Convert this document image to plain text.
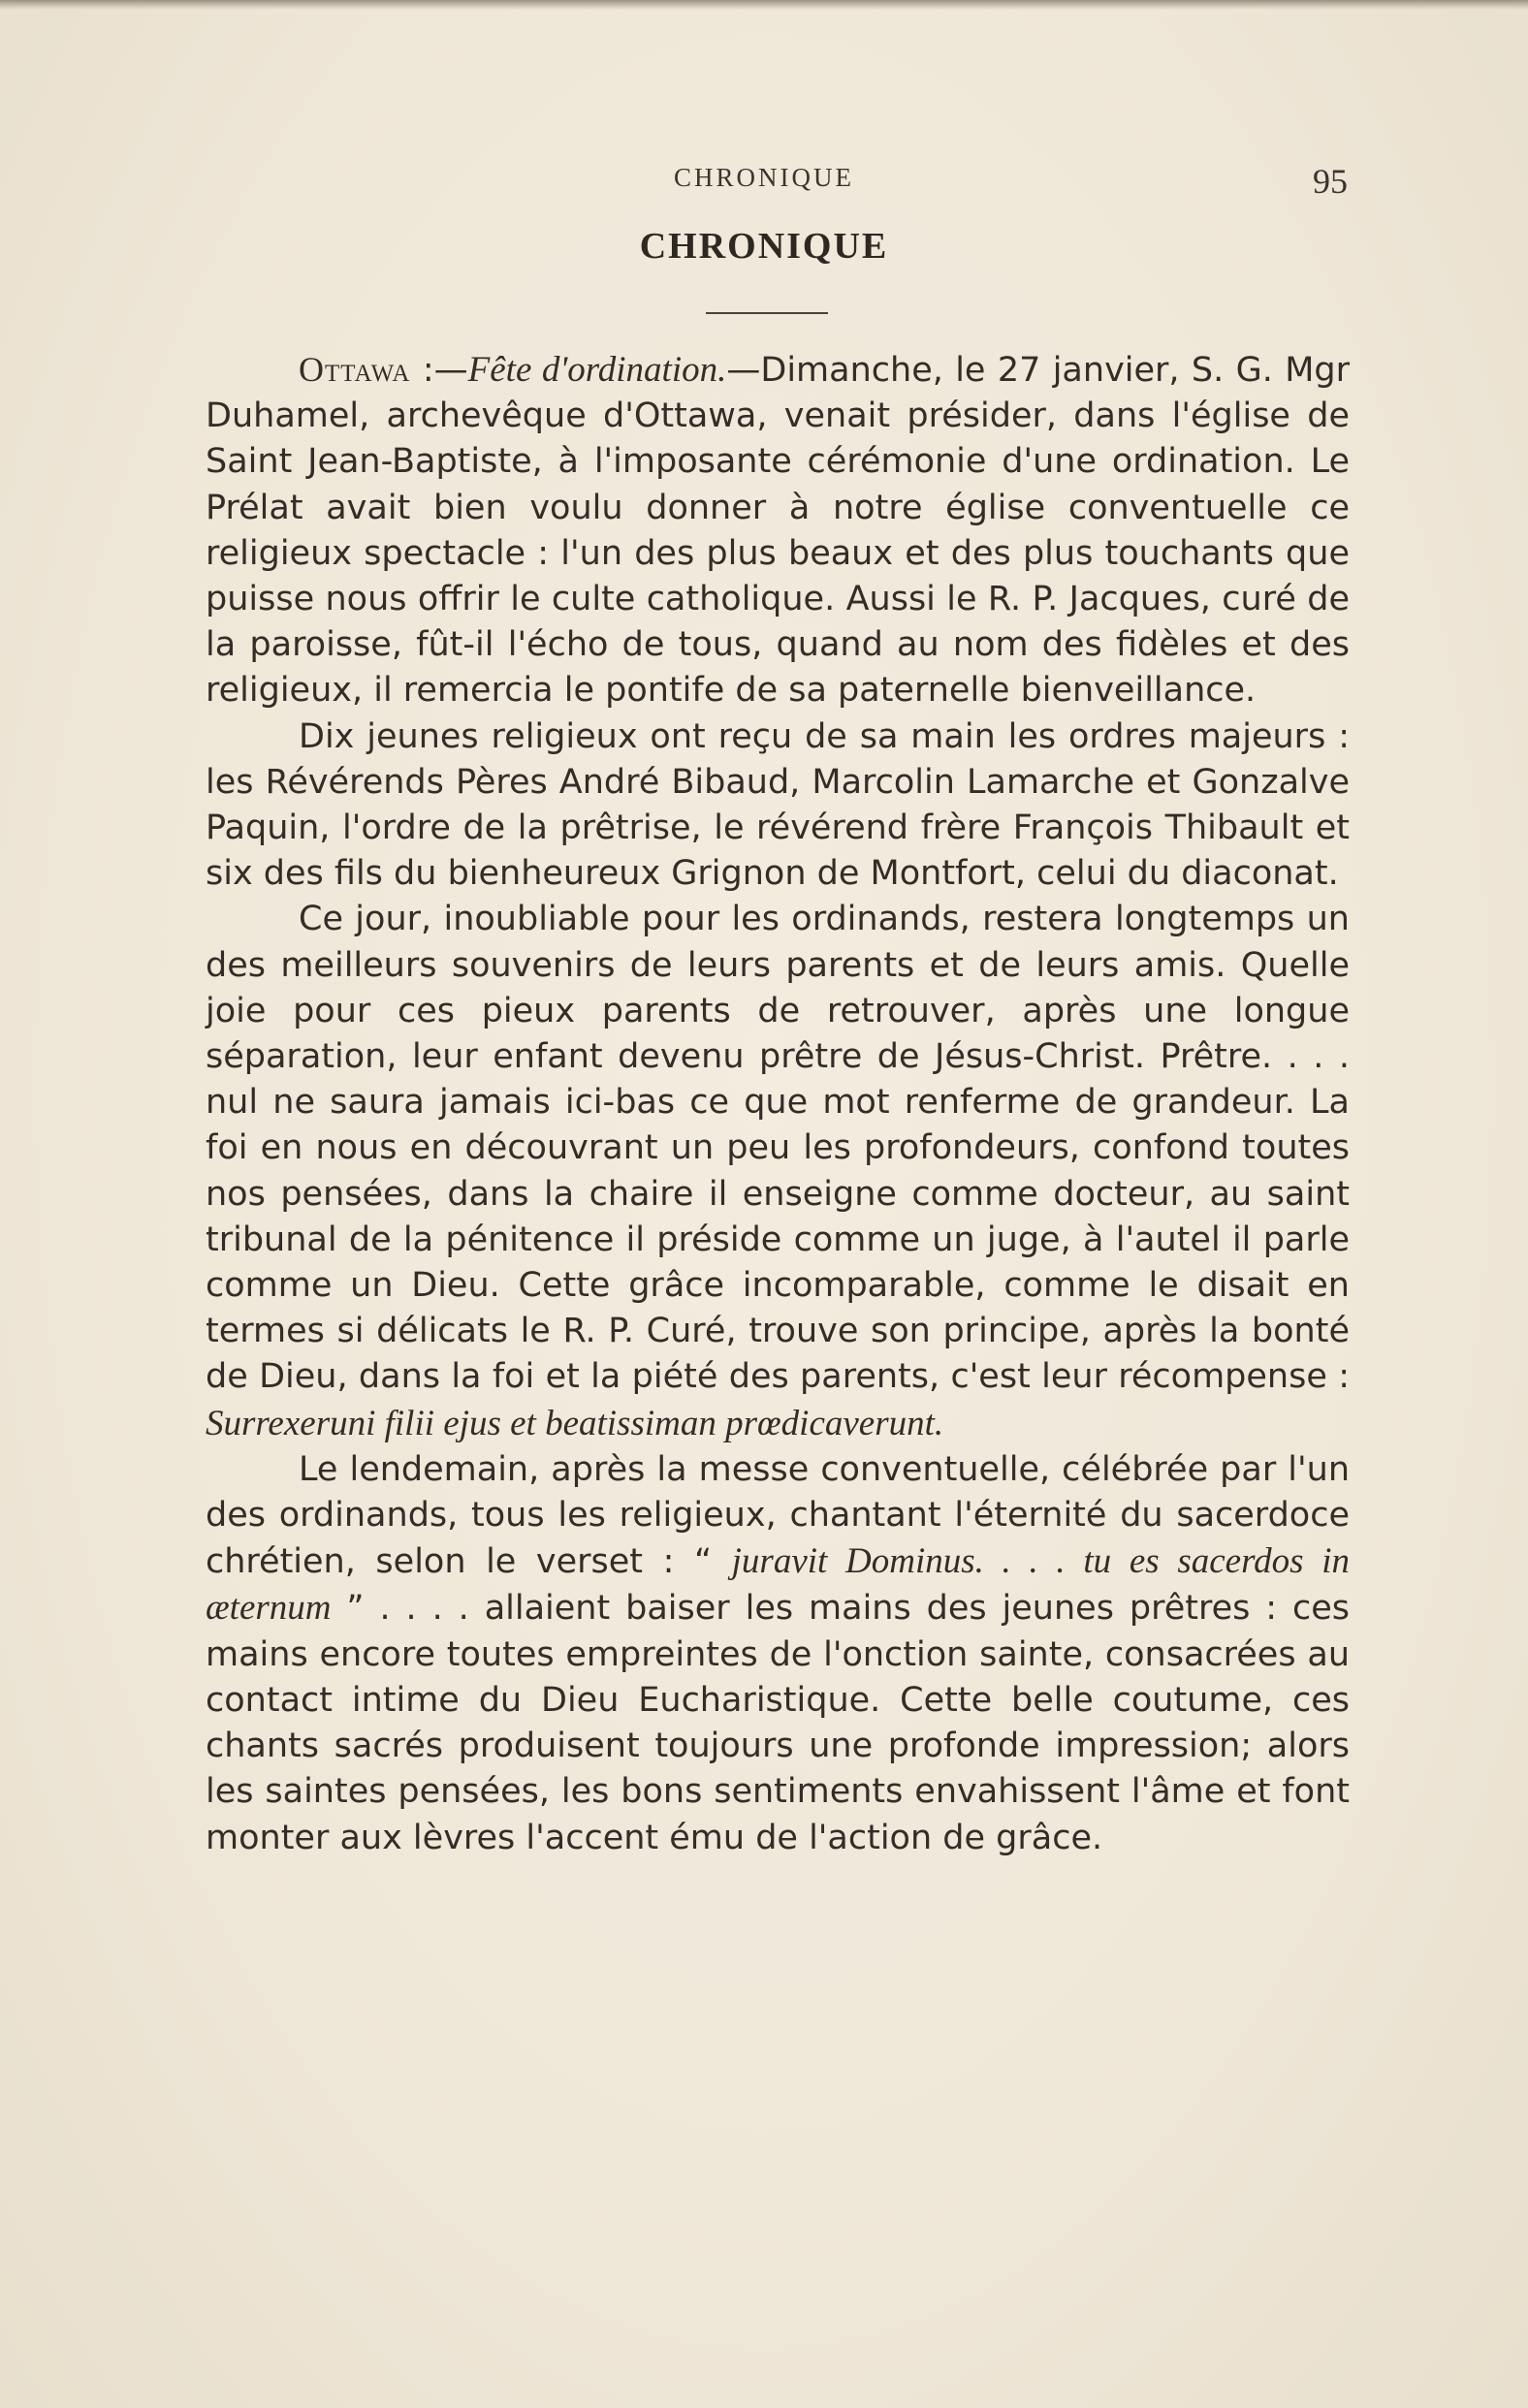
CHRONIQUE	95
CHRONIQUE

Ottawa :—Fête d'ordination.—Dimanche, le 27 janvier, S. G. Mgr Duhamel, archevêque d'Ottawa, venait présider, dans l'église de Saint Jean-Baptiste, à l'imposante cérémonie d'une ordination. Le Prélat avait bien voulu donner à notre église conventuelle ce religieux spectacle : l'un des plus beaux et des plus touchants que puisse nous offrir le culte catholique. Aussi le R. P. Jacques, curé de la paroisse, fût-il l'écho de tous, quand au nom des fidèles et des religieux, il remercia le pontife de sa paternelle bienveillance.

Dix jeunes religieux ont reçu de sa main les ordres majeurs : les Révérends Pères André Bibaud, Marcolin Lamarche et Gonzalve Paquin, l'ordre de la prêtrise, le révérend frère François Thibault et six des fils du bienheureux Grignon de Montfort, celui du diaconat.

Ce jour, inoubliable pour les ordinands, restera longtemps un des meilleurs souvenirs de leurs parents et de leurs amis. Quelle joie pour ces pieux parents de retrouver, après une longue séparation, leur enfant devenu prêtre de Jésus-Christ. Prêtre. . . . nul ne saura jamais ici-bas ce que mot renferme de grandeur. La foi en nous en découvrant un peu les profondeurs, confond toutes nos pensées, dans la chaire il enseigne comme docteur, au saint tribunal de la pénitence il préside comme un juge, à l'autel il parle comme un Dieu. Cette grâce incomparable, comme le disait en termes si délicats le R. P. Curé, trouve son principe, après la bonté de Dieu, dans la foi et la piété des parents, c'est leur récompense : Surrexeruni filii ejus et beatissiman prœdicaverunt.

Le lendemain, après la messe conventuelle, célébrée par l'un des ordinands, tous les religieux, chantant l'éternité du sacerdoce chrétien, selon le verset : “ juravit Dominus. . . . tu es sacerdos in æternum ” . . . . allaient baiser les mains des jeunes prêtres : ces mains encore toutes empreintes de l'onction sainte, consacrées au contact intime du Dieu Eucharistique. Cette belle coutume, ces chants sacrés produisent toujours une profonde impression; alors les saintes pensées, les bons sentiments envahissent l'âme et font monter aux lèvres l'accent ému de l'action de grâce.
